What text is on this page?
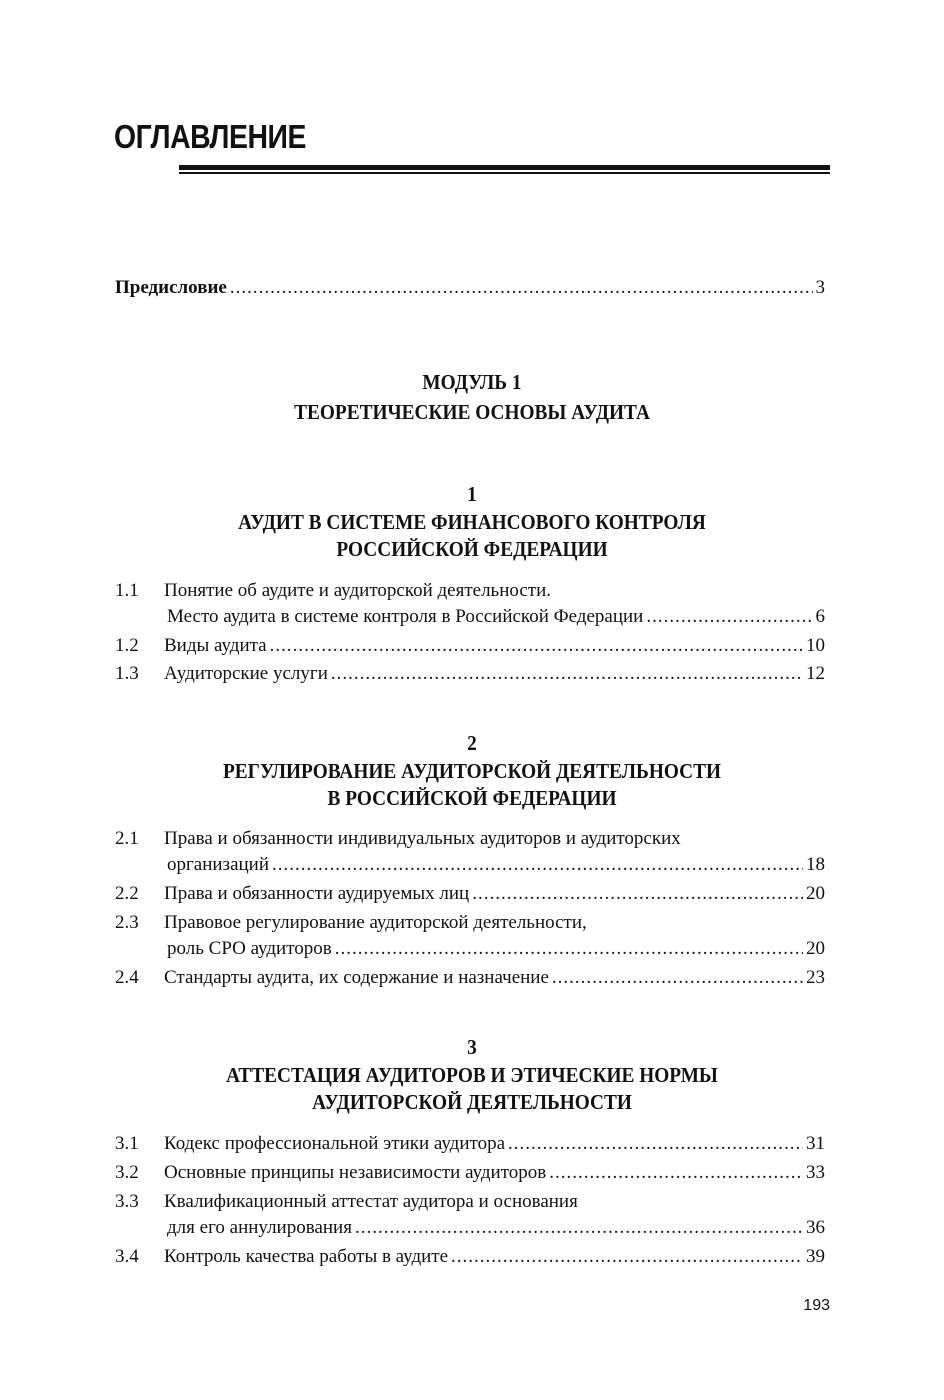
ОГЛАВЛЕНИЕ
Предисловие .....	3
МОДУЛЬ 1
ТЕОРЕТИЧЕСКИЕ ОСНОВЫ АУДИТА
1
АУДИТ В СИСТЕМЕ ФИНАНСОВОГО КОНТРОЛЯ
РОССИЙСКОЙ ФЕДЕРАЦИИ
1.1	Понятие об аудите и аудиторской деятельности.
Место аудита в системе контроля в Российской Федерации .....	6
1.2	Виды аудита .....	10
1.3	Аудиторские услуги .....	12
2
РЕГУЛИРОВАНИЕ АУДИТОРСКОЙ ДЕЯТЕЛЬНОСТИ
В РОССИЙСКОЙ ФЕДЕРАЦИИ
2.1	Права и обязанности индивидуальных аудиторов и аудиторских
организаций .....	18
2.2	Права и обязанности аудируемых лиц .....	20
2.3	Правовое регулирование аудиторской деятельности,
роль СРО аудиторов .....	20
2.4	Стандарты аудита, их содержание и назначение .....	23
3
АТТЕСТАЦИЯ АУДИТОРОВ И ЭТИЧЕСКИЕ НОРМЫ
АУДИТОРСКОЙ ДЕЯТЕЛЬНОСТИ
3.1	Кодекс профессиональной этики аудитора .....	31
3.2	Основные принципы независимости аудиторов .....	33
3.3	Квалификационный аттестат аудитора и основания
для его аннулирования .....	36
3.4	Контроль качества работы в аудите .....	39
193
